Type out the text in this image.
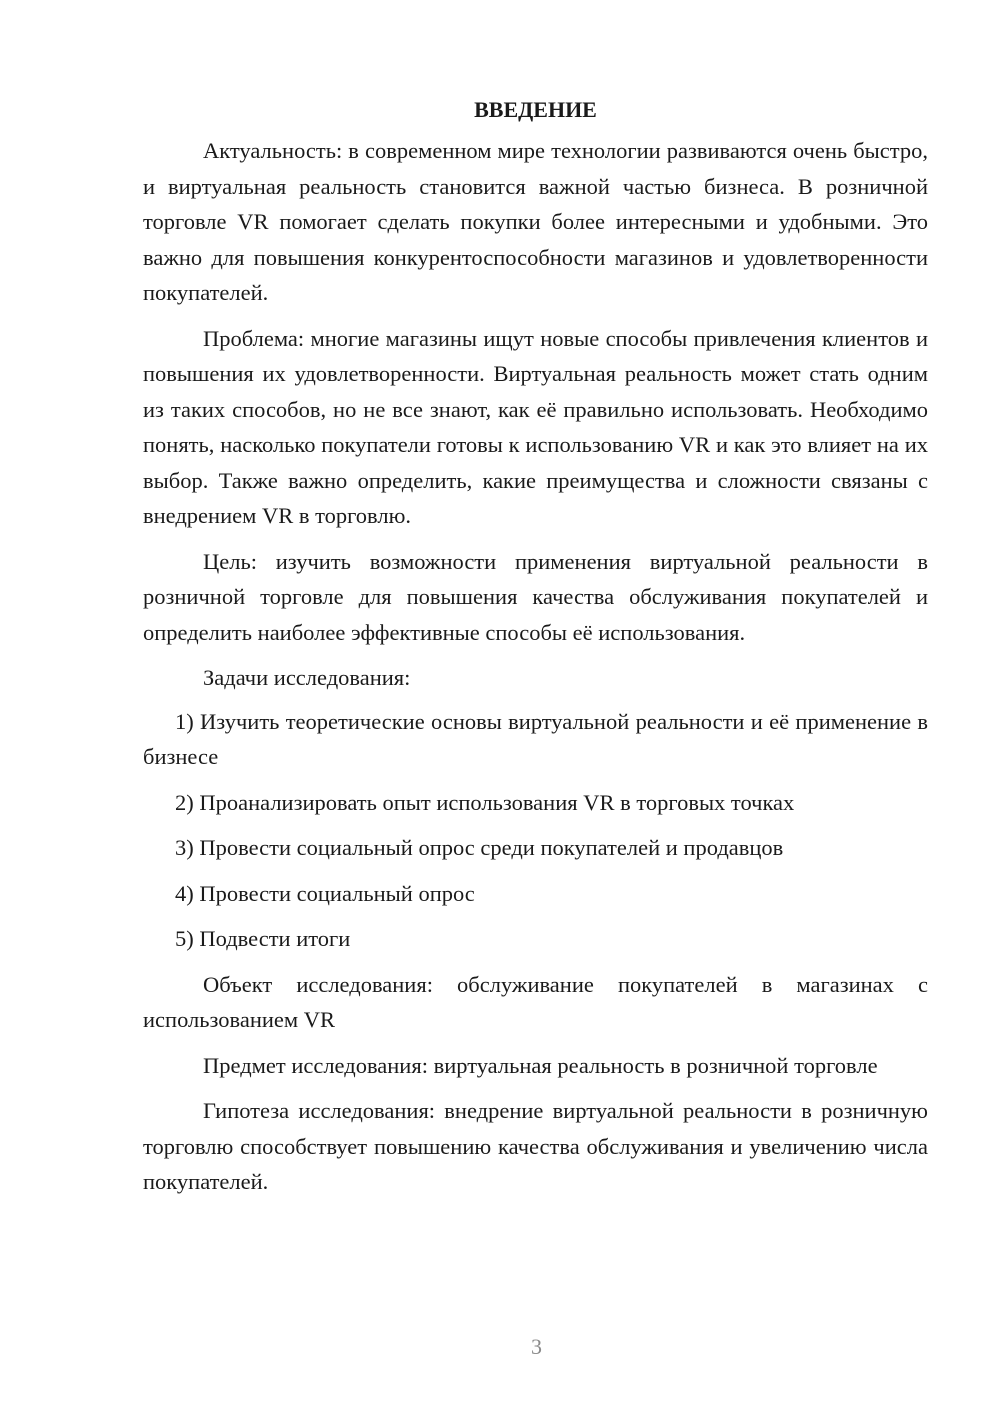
ВВЕДЕНИЕ

Актуальность: в современном мире технологии развиваются очень быстро, и виртуальная реальность становится важной частью бизнеса. В розничной торговле VR помогает сделать покупки более интересными и удобными. Это важно для повышения конкурентоспособности магазинов и удовлетворенности покупателей.

Проблема: многие магазины ищут новые способы привлечения клиентов и повышения их удовлетворенности. Виртуальная реальность может стать одним из таких способов, но не все знают, как её правильно использовать. Необходимо понять, насколько покупатели готовы к использованию VR и как это влияет на их выбор. Также важно определить, какие преимущества и сложности связаны с внедрением VR в торговлю.

Цель: изучить возможности применения виртуальной реальности в розничной торговле для повышения качества обслуживания покупателей и определить наиболее эффективные способы её использования.

Задачи исследования:

1) Изучить теоретические основы виртуальной реальности и её применение в бизнесе

2) Проанализировать опыт использования VR в торговых точках

3) Провести социальный опрос среди покупателей и продавцов

4) Провести социальный опрос

5) Подвести итоги

Объект исследования: обслуживание покупателей в магазинах с использованием VR

Предмет исследования: виртуальная реальность в розничной торговле

Гипотеза исследования: внедрение виртуальной реальности в розничную торговлю способствует повышению качества обслуживания и увеличению числа покупателей.

3
